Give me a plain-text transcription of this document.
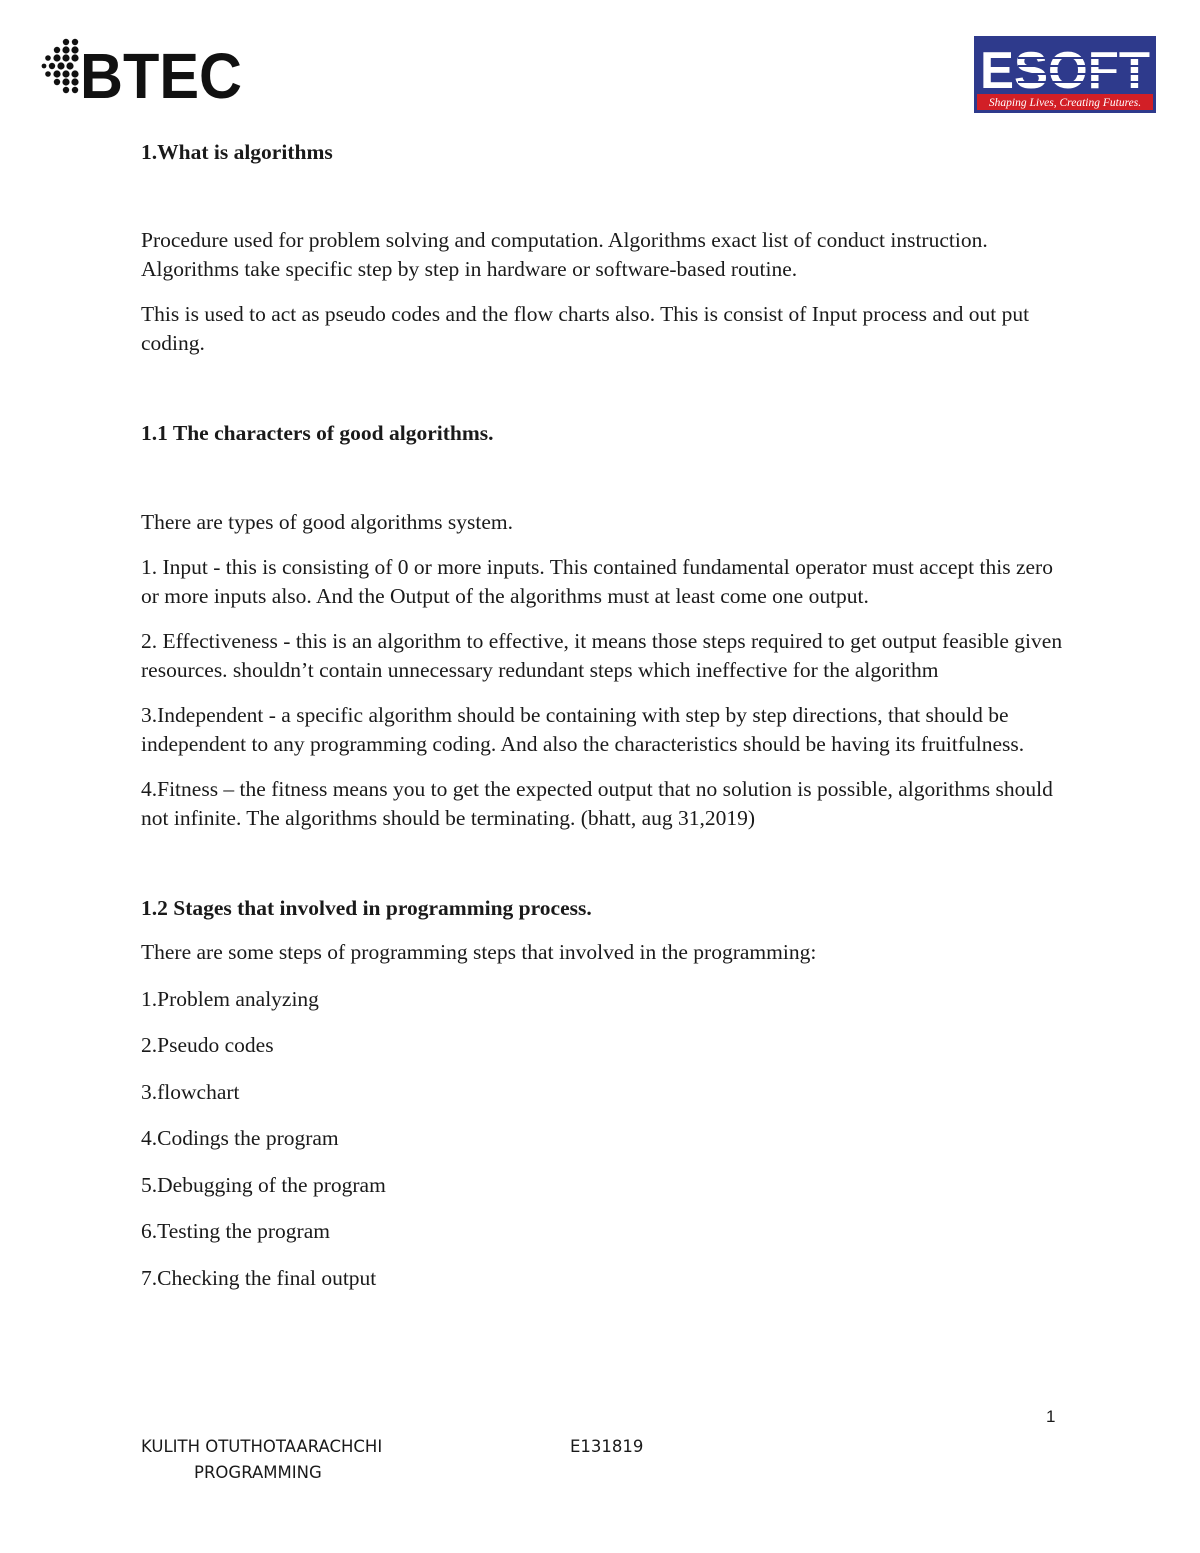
BTEC	ESOFT
Shaping Lives, Creating Futures.

1.What is algorithms

Procedure used for problem solving and computation. Algorithms exact list of conduct instruction. Algorithms take specific step by step in hardware or software-based routine.

This is used to act as pseudo codes and the flow charts also. This is consist of Input process and out put coding.

1.1 The characters of good algorithms.

There are types of good algorithms system.

1. Input - this is consisting of 0 or more inputs. This contained fundamental operator must accept this zero or more inputs also. And the Output of the algorithms must at least come one output.

2. Effectiveness - this is an algorithm to effective, it means those steps required to get output feasible given resources. shouldn’t contain unnecessary redundant steps which ineffective for the algorithm

3.Independent - a specific algorithm should be containing with step by step directions, that should be independent to any programming coding. And also the characteristics should be having its fruitfulness.

4.Fitness – the fitness means you to get the expected output that no solution is possible, algorithms should not infinite. The algorithms should be terminating. (bhatt, aug 31,2019)

1.2 Stages that involved in programming process.

There are some steps of programming steps that involved in the programming:

1.Problem analyzing

2.Pseudo codes

3.flowchart

4.Codings the program

5.Debugging of the program

6.Testing the program

7.Checking the final output

1
KULITH OTUTHOTAARACHCHI
PROGRAMMING
E131819
